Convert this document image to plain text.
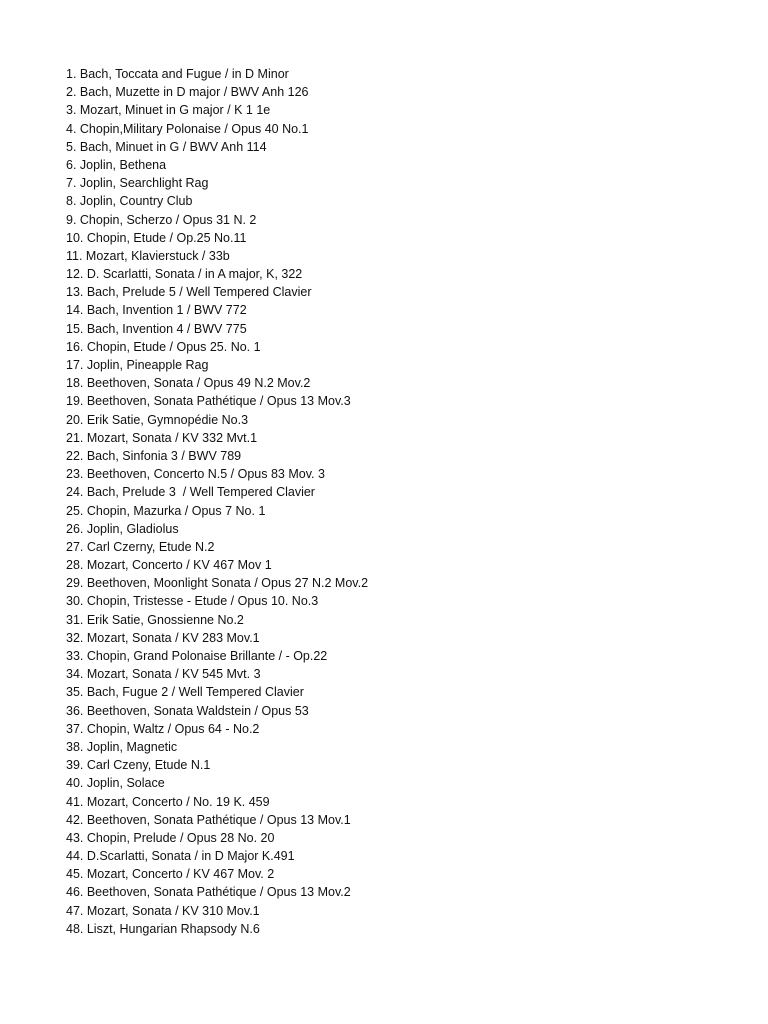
1. Bach, Toccata and Fugue / in D Minor
2. Bach, Muzette in D major / BWV Anh 126
3. Mozart, Minuet in G major / K 1 1e
4. Chopin,Military Polonaise / Opus 40 No.1
5. Bach, Minuet in G / BWV Anh 114
6. Joplin, Bethena
7. Joplin, Searchlight Rag
8. Joplin, Country Club
9. Chopin, Scherzo / Opus 31 N. 2
10. Chopin, Etude / Op.25 No.11
11. Mozart, Klavierstuck / 33b
12. D. Scarlatti, Sonata / in A major, K, 322
13. Bach, Prelude 5 / Well Tempered Clavier
14. Bach, Invention 1 / BWV 772
15. Bach, Invention 4 / BWV 775
16. Chopin, Etude / Opus 25. No. 1
17. Joplin, Pineapple Rag
18. Beethoven, Sonata / Opus 49 N.2 Mov.2
19. Beethoven, Sonata Pathétique / Opus 13 Mov.3
20. Erik Satie, Gymnopédie No.3
21. Mozart, Sonata / KV 332 Mvt.1
22. Bach, Sinfonia 3 / BWV 789
23. Beethoven, Concerto N.5 / Opus 83 Mov. 3
24. Bach, Prelude 3  / Well Tempered Clavier
25. Chopin, Mazurka / Opus 7 No. 1
26. Joplin, Gladiolus
27. Carl Czerny, Etude N.2
28. Mozart, Concerto / KV 467 Mov 1
29. Beethoven, Moonlight Sonata / Opus 27 N.2 Mov.2
30. Chopin, Tristesse - Etude / Opus 10. No.3
31. Erik Satie, Gnossienne No.2
32. Mozart, Sonata / KV 283 Mov.1
33. Chopin, Grand Polonaise Brillante / - Op.22
34. Mozart, Sonata / KV 545 Mvt. 3
35. Bach, Fugue 2 / Well Tempered Clavier
36. Beethoven, Sonata Waldstein / Opus 53
37. Chopin, Waltz / Opus 64 - No.2
38. Joplin, Magnetic
39. Carl Czeny, Etude N.1
40. Joplin, Solace
41. Mozart, Concerto / No. 19 K. 459
42. Beethoven, Sonata Pathétique / Opus 13 Mov.1
43. Chopin, Prelude / Opus 28 No. 20
44. D.Scarlatti, Sonata / in D Major K.491
45. Mozart, Concerto / KV 467 Mov. 2
46. Beethoven, Sonata Pathétique / Opus 13 Mov.2
47. Mozart, Sonata / KV 310 Mov.1
48. Liszt, Hungarian Rhapsody N.6
